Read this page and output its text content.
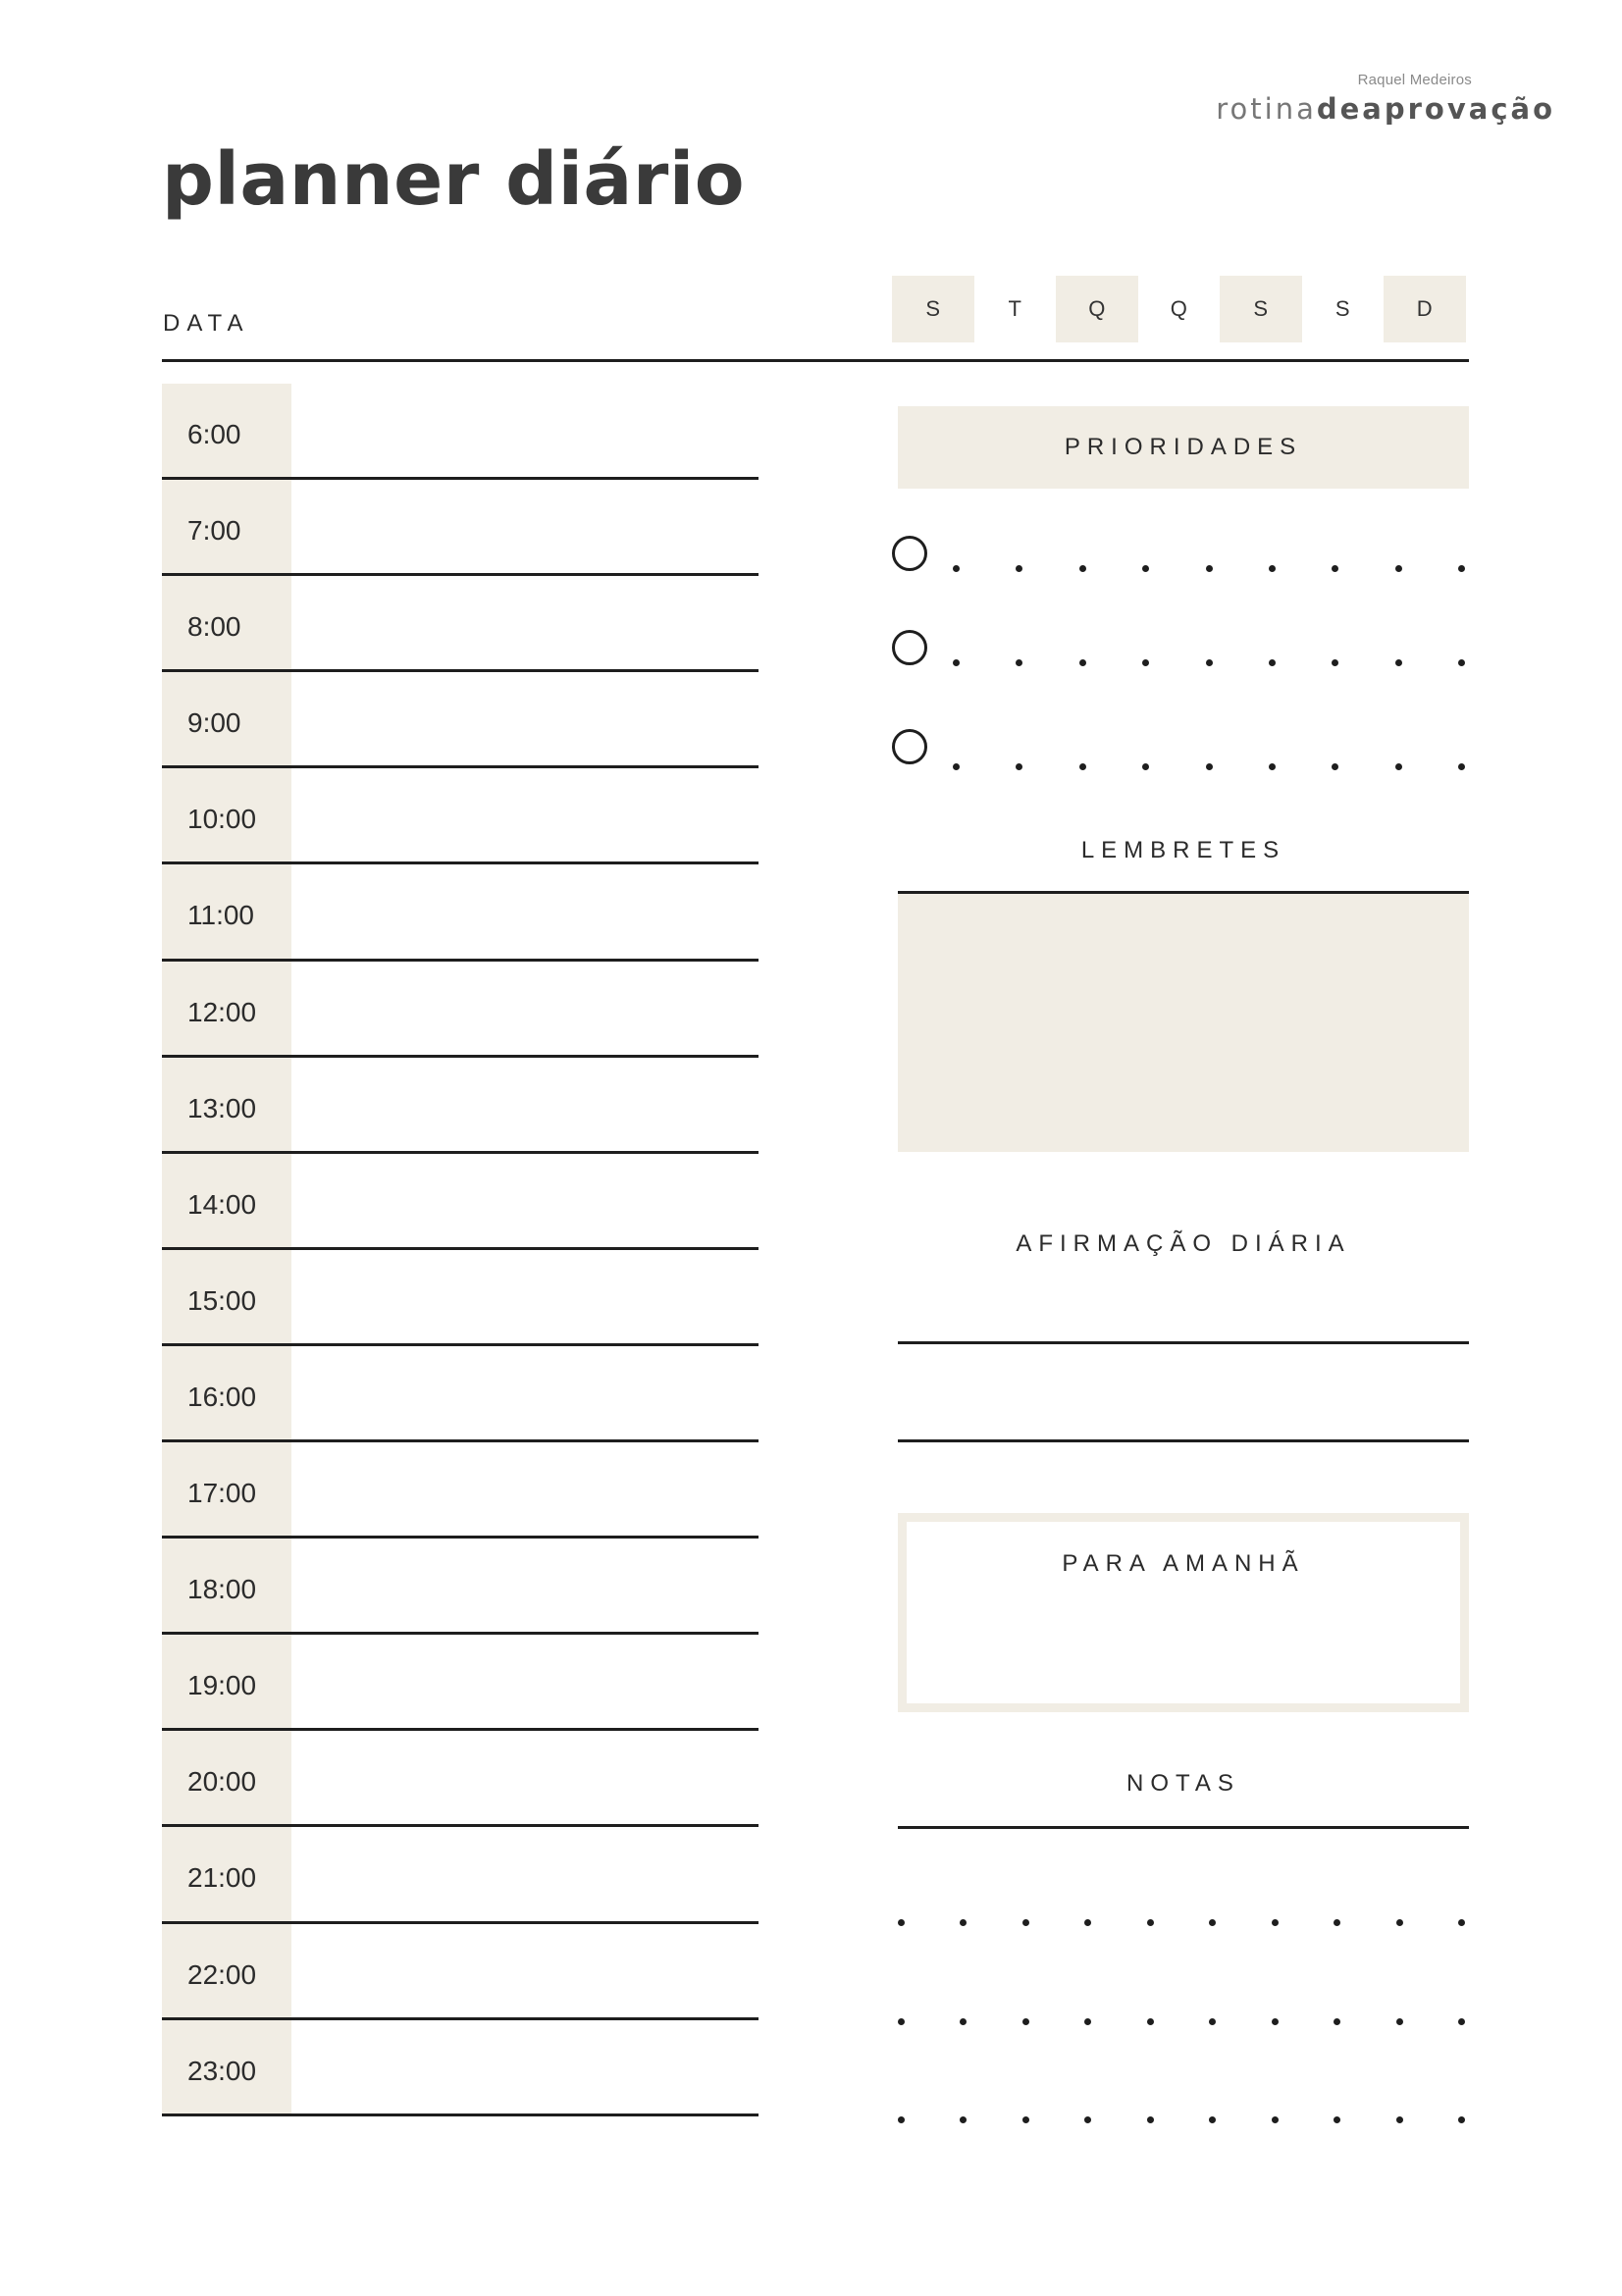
Raquel Medeiros
rotinadeaprovação
planner diário
DATA
S	T	Q	Q	S	S	D
6:00
7:00
8:00
9:00
10:00
11:00
12:00
13:00
14:00
15:00
16:00
17:00
18:00
19:00
20:00
21:00
22:00
23:00
PRIORIDADES
LEMBRETES
AFIRMAÇÃO DIÁRIA
PARA AMANHÃ
NOTAS
